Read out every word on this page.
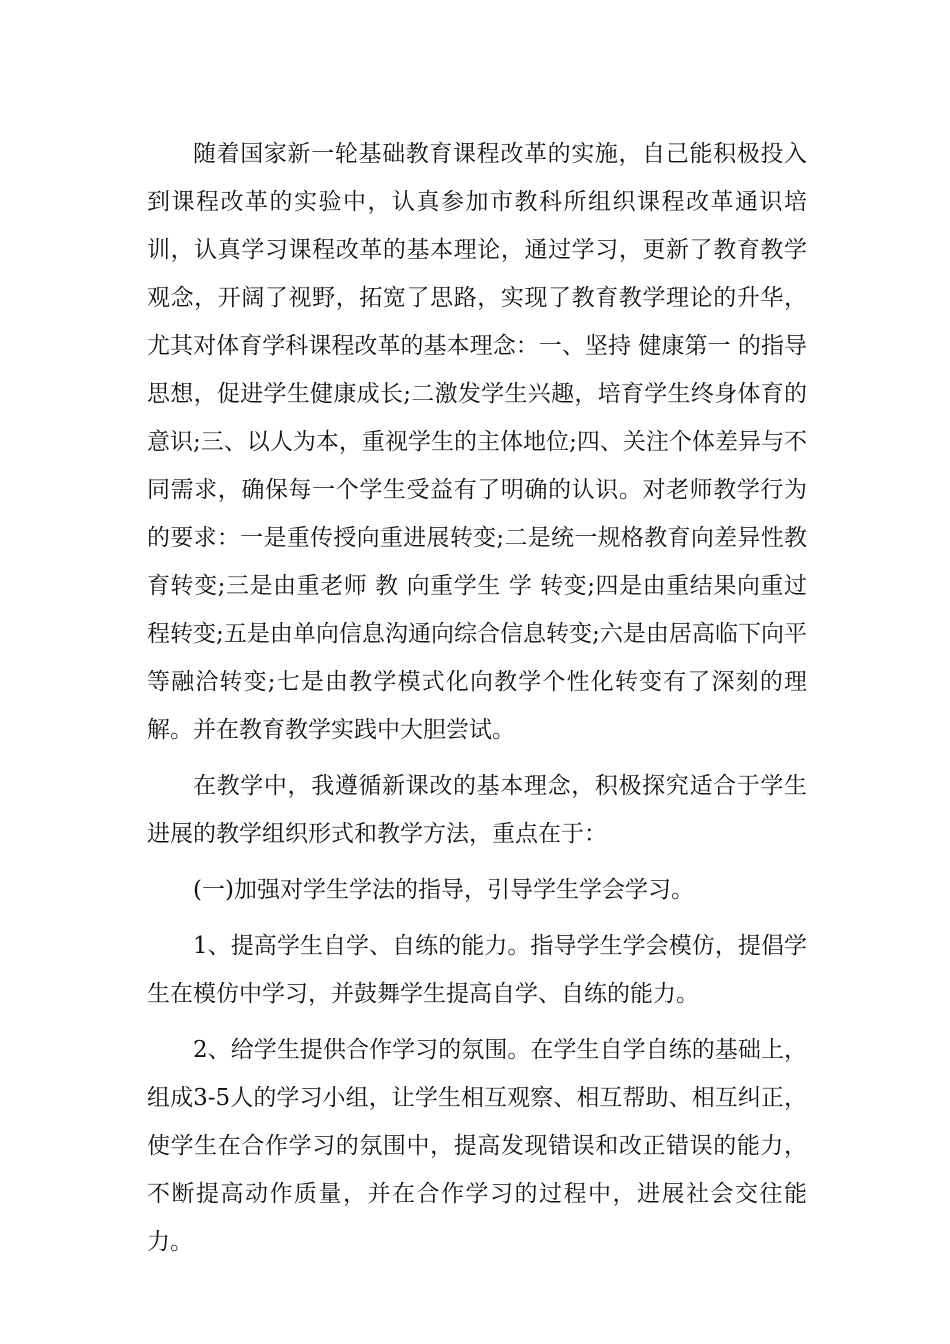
随着国家新一轮基础教育课程改革的实施，自己能积极投入到课程改革的实验中，认真参加市教科所组织课程改革通识培训，认真学习课程改革的基本理论，通过学习，更新了教育教学观念，开阔了视野，拓宽了思路，实现了教育教学理论的升华，尤其对体育学科课程改革的基本理念：一、坚持 健康第一 的指导思想，促进学生健康成长;二激发学生兴趣，培育学生终身体育的意识;三、以人为本，重视学生的主体地位;四、关注个体差异与不同需求，确保每一个学生受益有了明确的认识。对老师教学行为的要求：一是重传授向重进展转变;二是统一规格教育向差异性教育转变;三是由重老师 教 向重学生 学 转变;四是由重结果向重过程转变;五是由单向信息沟通向综合信息转变;六是由居高临下向平等融洽转变;七是由教学模式化向教学个性化转变有了深刻的理解。并在教育教学实践中大胆尝试。

在教学中，我遵循新课改的基本理念，积极探究适合于学生进展的教学组织形式和教学方法，重点在于：

(一)加强对学生学法的指导，引导学生学会学习。

1、提高学生自学、自练的能力。指导学生学会模仿，提倡学生在模仿中学习，并鼓舞学生提高自学、自练的能力。

2、给学生提供合作学习的氛围。在学生自学自练的基础上，组成3-5人的学习小组，让学生相互观察、相互帮助、相互纠正，使学生在合作学习的氛围中，提高发现错误和改正错误的能力，不断提高动作质量，并在合作学习的过程中，进展社会交往能力。
